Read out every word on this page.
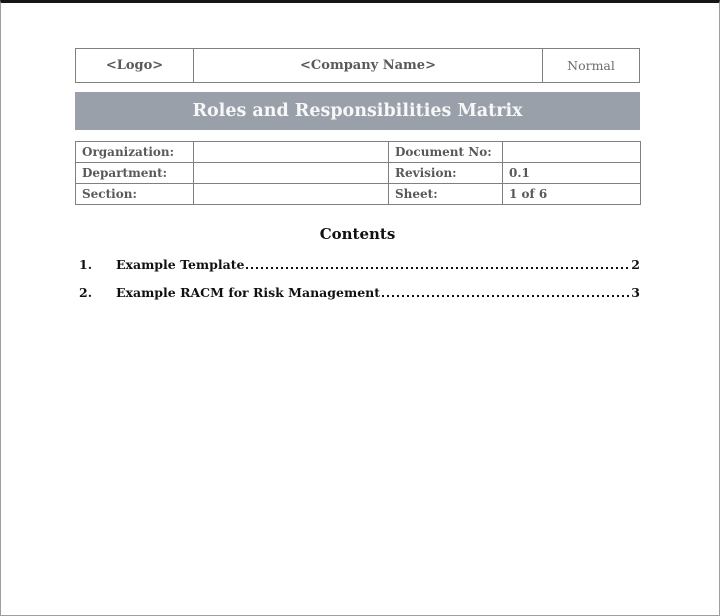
<Logo>	<Company Name>	Normal
Roles and Responsibilities Matrix
Organization:		Document No:	
Department:		Revision:	0.1
Section:		Sheet:	1 of 6
Contents
1.	Example Template	2
2.	Example RACM for Risk Management	3
